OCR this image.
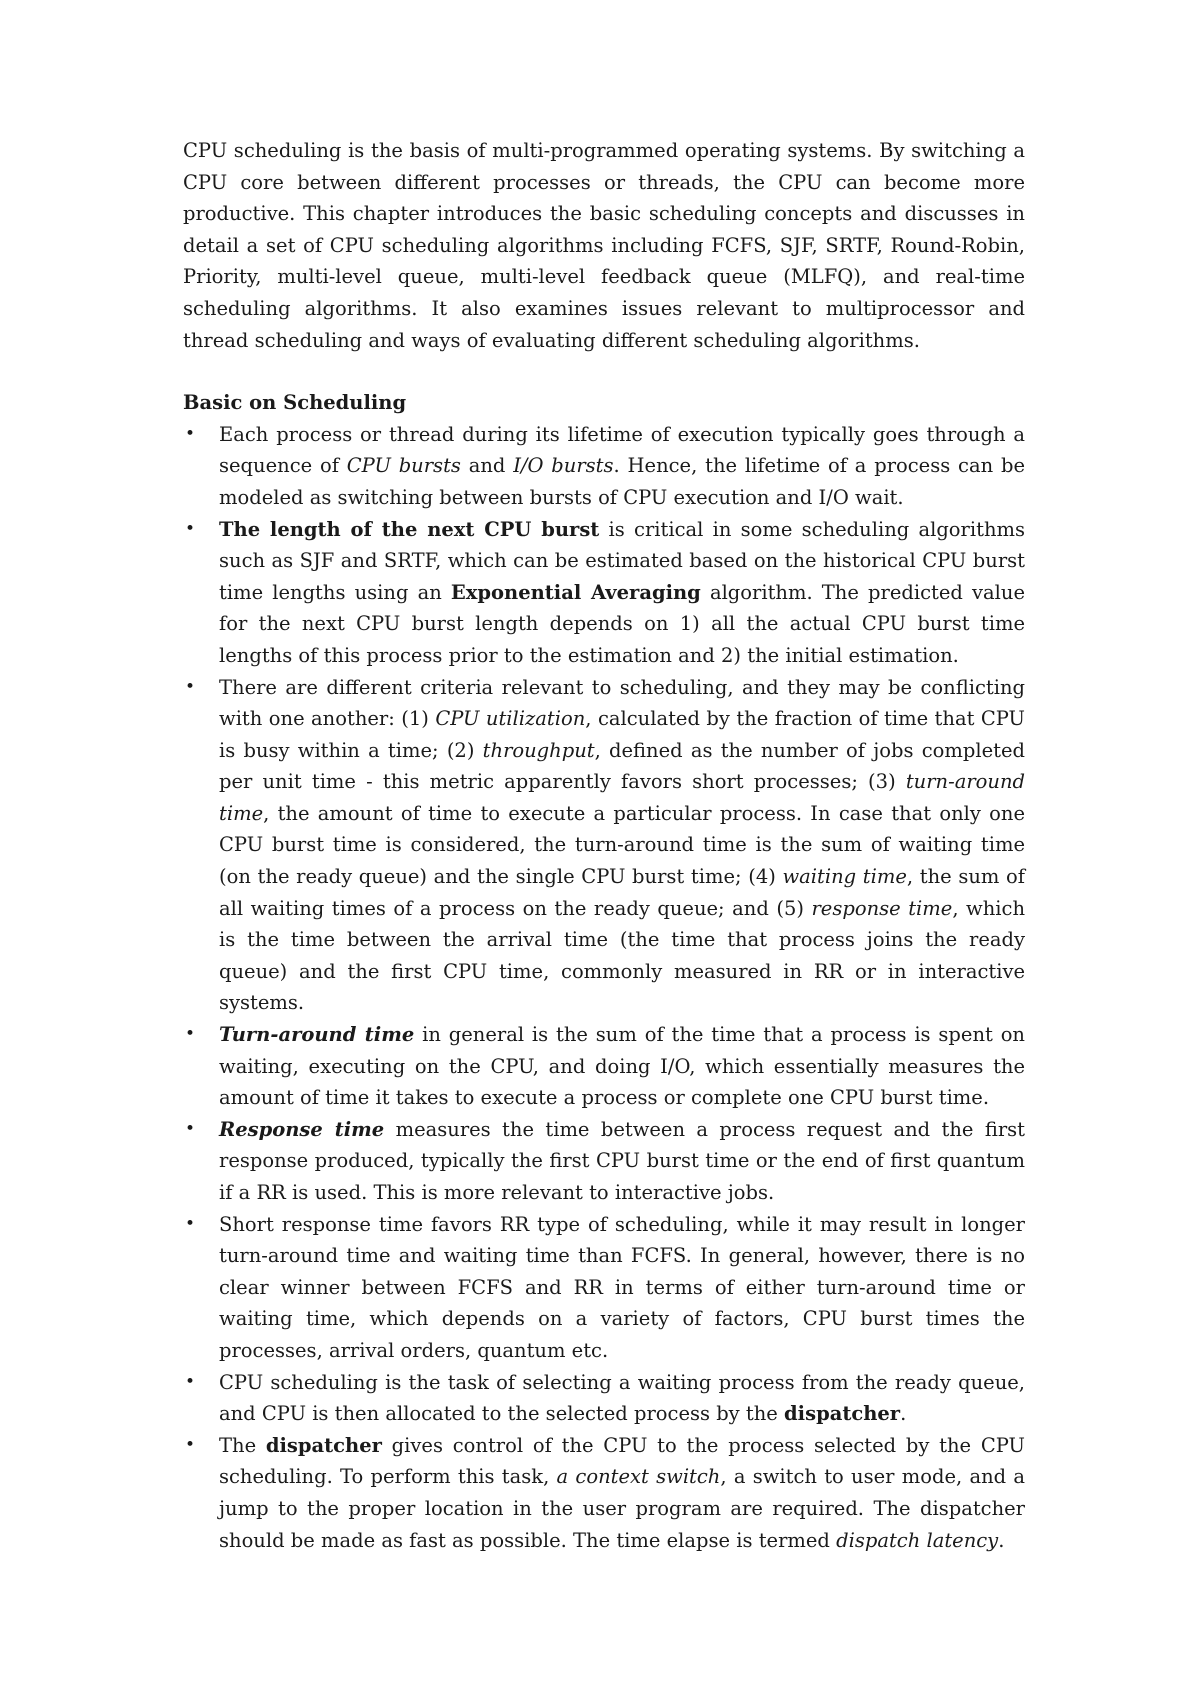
CPU scheduling is the basis of multi-programmed operating systems. By switching a CPU core between different processes or threads, the CPU can become more productive. This chapter introduces the basic scheduling concepts and discusses in detail a set of CPU scheduling algorithms including FCFS, SJF, SRTF, Round-Robin, Priority, multi-level queue, multi-level feedback queue (MLFQ), and real-time scheduling algorithms. It also examines issues relevant to multiprocessor and thread scheduling and ways of evaluating different scheduling algorithms.

Basic on Scheduling

• Each process or thread during its lifetime of execution typically goes through a sequence of CPU bursts and I/O bursts. Hence, the lifetime of a process can be modeled as switching between bursts of CPU execution and I/O wait.
• The length of the next CPU burst is critical in some scheduling algorithms such as SJF and SRTF, which can be estimated based on the historical CPU burst time lengths using an Exponential Averaging algorithm. The predicted value for the next CPU burst length depends on 1) all the actual CPU burst time lengths of this process prior to the estimation and 2) the initial estimation.
• There are different criteria relevant to scheduling, and they may be conflicting with one another: (1) CPU utilization, calculated by the fraction of time that CPU is busy within a time; (2) throughput, defined as the number of jobs completed per unit time - this metric apparently favors short processes; (3) turn-around time, the amount of time to execute a particular process. In case that only one CPU burst time is considered, the turn-around time is the sum of waiting time (on the ready queue) and the single CPU burst time; (4) waiting time, the sum of all waiting times of a process on the ready queue; and (5) response time, which is the time between the arrival time (the time that process joins the ready queue) and the first CPU time, commonly measured in RR or in interactive systems.
• Turn-around time in general is the sum of the time that a process is spent on waiting, executing on the CPU, and doing I/O, which essentially measures the amount of time it takes to execute a process or complete one CPU burst time.
• Response time measures the time between a process request and the first response produced, typically the first CPU burst time or the end of first quantum if a RR is used. This is more relevant to interactive jobs.
• Short response time favors RR type of scheduling, while it may result in longer turn-around time and waiting time than FCFS. In general, however, there is no clear winner between FCFS and RR in terms of either turn-around time or waiting time, which depends on a variety of factors, CPU burst times the processes, arrival orders, quantum etc.
• CPU scheduling is the task of selecting a waiting process from the ready queue, and CPU is then allocated to the selected process by the dispatcher.
• The dispatcher gives control of the CPU to the process selected by the CPU scheduling. To perform this task, a context switch, a switch to user mode, and a jump to the proper location in the user program are required. The dispatcher should be made as fast as possible. The time elapse is termed dispatch latency.
